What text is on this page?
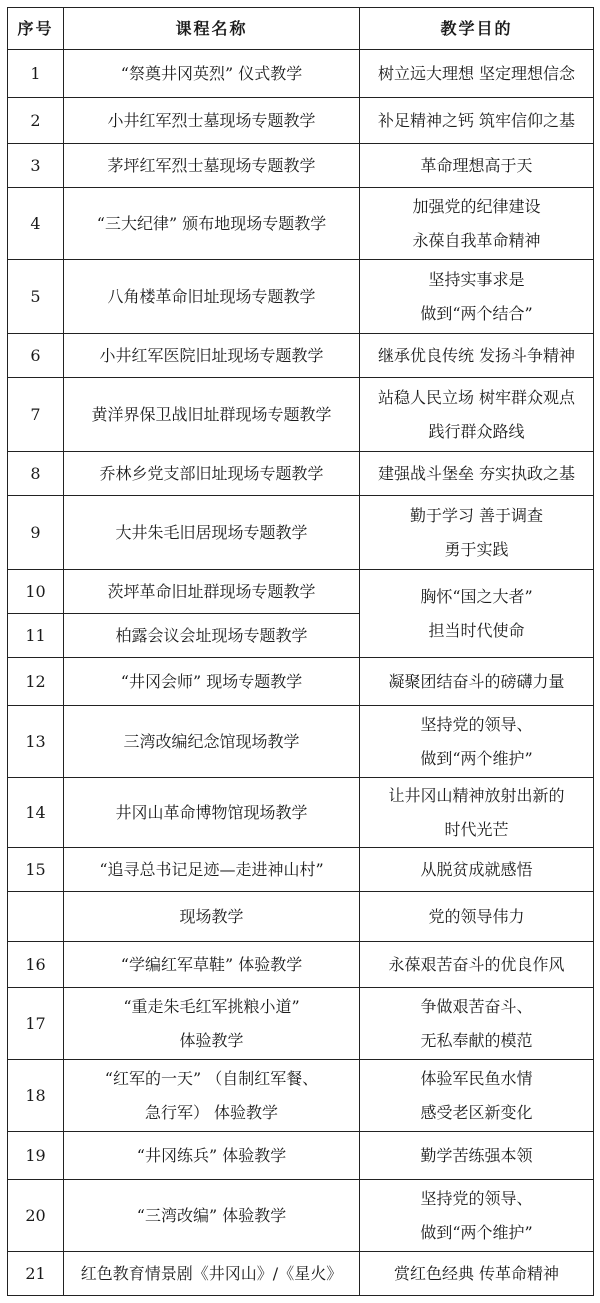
序号	课程名称	教学目的
1	“祭奠井冈英烈” 仪式教学	树立远大理想 坚定理想信念

2	小井红军烈士墓现场专题教学	补足精神之钙 筑牢信仰之基

3	茅坪红军烈士墓现场专题教学	革命理想高于天

4	“三大纪律” 颁布地现场专题教学	加强党的纪律建设
永葆自我革命精神

5	八角楼革命旧址现场专题教学	坚持实事求是
做到“两个结合”

6	小井红军医院旧址现场专题教学	继承优良传统 发扬斗争精神

7	黄洋界保卫战旧址群现场专题教学	站稳人民立场 树牢群众观点
践行群众路线

8	乔林乡党支部旧址现场专题教学	建强战斗堡垒 夯实执政之基

9	大井朱毛旧居现场专题教学	勤于学习 善于调查
勇于实践

10	茨坪革命旧址群现场专题教学	胸怀“国之大者”
担当时代使命

11	柏露会议会址现场专题教学	

12	“井冈会师” 现场专题教学	凝聚团结奋斗的磅礴力量

13	三湾改编纪念馆现场教学	坚持党的领导、
做到“两个维护”

14	井冈山革命博物馆现场教学	让井冈山精神放射出新的
时代光芒

15	“追寻总书记足迹—走进神山村”	从脱贫成就感悟

	现场教学	党的领导伟力

16	“学编红军草鞋” 体验教学	永葆艰苦奋斗的优良作风

17	“重走朱毛红军挑粮小道”
体验教学	争做艰苦奋斗、
无私奉献的模范

18	“红军的一天” （自制红军餐、
急行军） 体验教学	体验军民鱼水情
感受老区新变化

19	“井冈练兵” 体验教学	勤学苦练强本领

20	“三湾改编” 体验教学	坚持党的领导、
做到“两个维护”

21	红色教育情景剧《井冈山》/《星火》	赏红色经典 传革命精神
